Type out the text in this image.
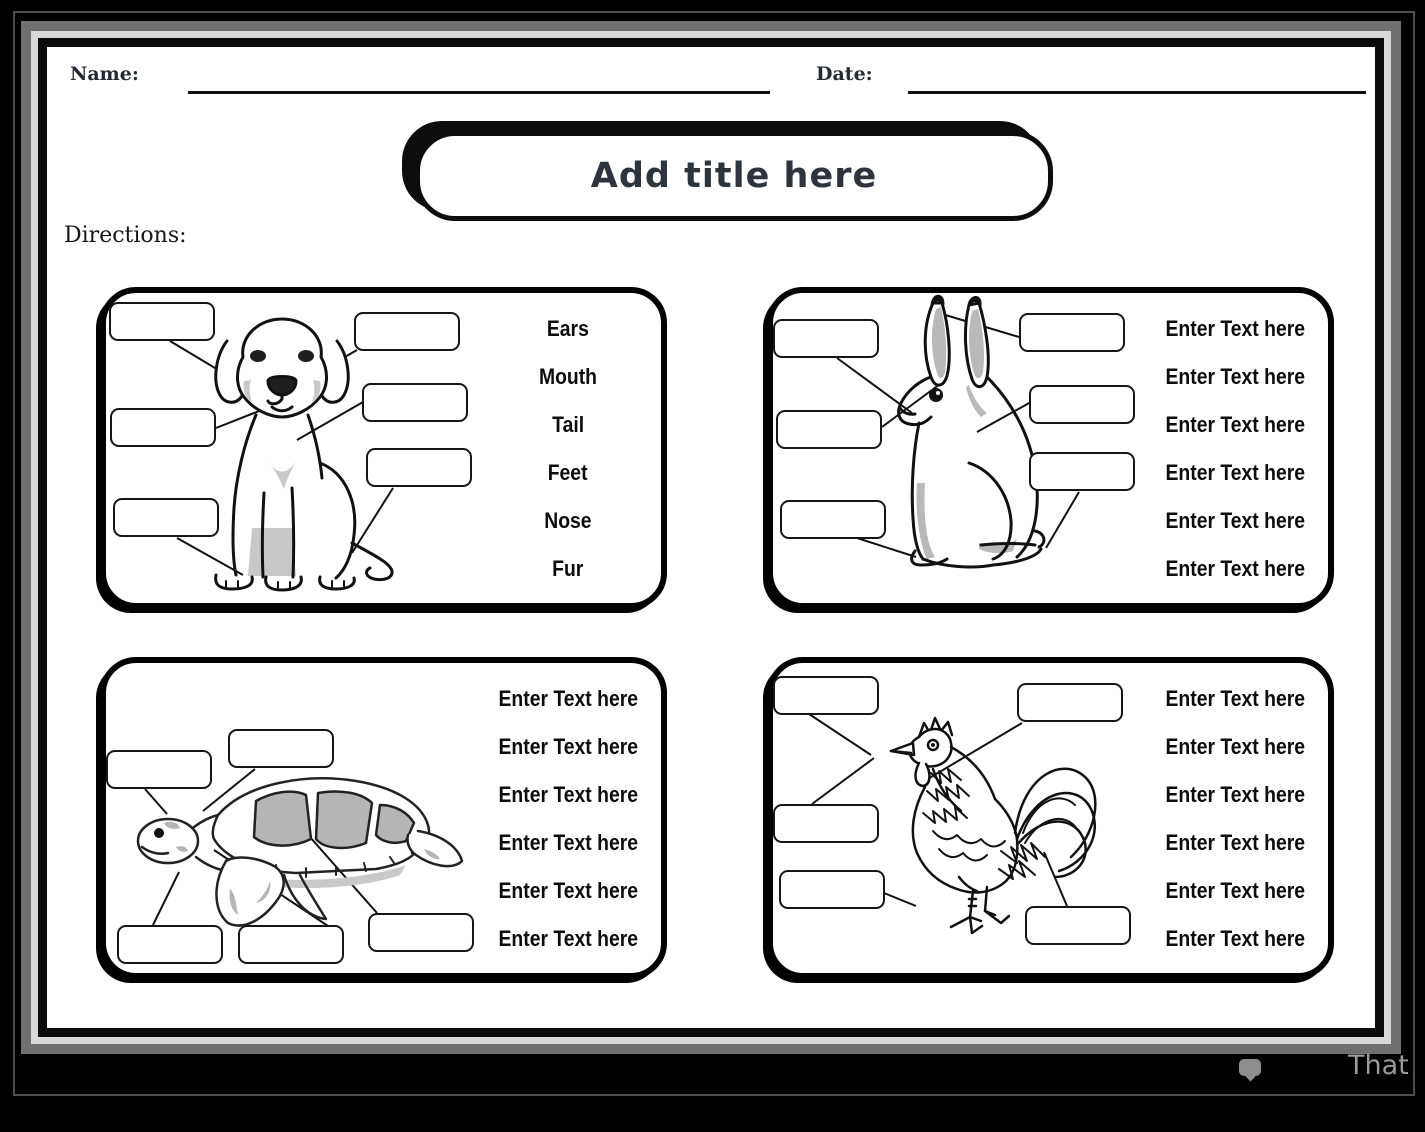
Name:	Date:
Add title here
Directions:
Ears
Mouth
Tail
Feet
Nose
Fur
Enter Text here
Enter Text here
Enter Text here
Enter Text here
Enter Text here
Enter Text here
Enter Text here
Enter Text here
Enter Text here
Enter Text here
Enter Text here
Enter Text here
Enter Text here
Enter Text here
Enter Text here
Enter Text here
Enter Text here
Enter Text here
That
